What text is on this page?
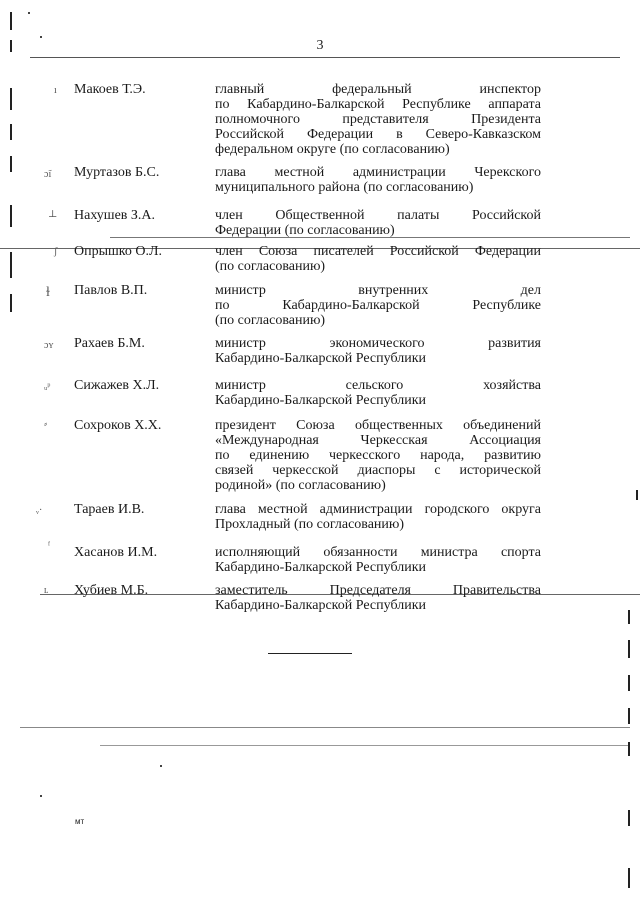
3
ı Макоев Т.Э.	главный федеральный инспектор
по Кабардино-Балкарской Республике аппарата
полномочного представителя Президента
Российской Федерации в Северо-Кавказском
федеральном округе (по согласованию)
ɔ̃ı Муртазов Б.С.	глава местной администрации Черекского
муниципального района (по согласованию)
⊥ Нахушев З.А.	член Общественной палаты Российской
Федерации (по согласованию)
ʃ Опрышко О.Л.	член Союза писателей Российской Федерации
(по согласованию)
ɫ Павлов В.П.	министр внутренних дел
по Кабардино-Балкарской Республике
(по согласованию)
ɔʏ Рахаев Б.М.	министр экономического развития
Кабардино-Балкарской Республики
ᵤᵖ Сижажев Х.Л.	министр сельского хозяйства
Кабардино-Балкарской Республики
⸗ Сохроков Х.Х.	президент Союза общественных объединений
«Международная Черкесская Ассоциация
по единению черкесского народа, развитию
связей черкесской диаспоры с исторической
родиной» (по согласованию)
ᵥ· Тараев И.В.	глава местной администрации городского округа
Прохладный (по согласованию)
ᶠ Хасанов И.М.	исполняющий обязанности министра спорта
Кабардино-Балкарской Республики
ʟ Хубиев М.Б.	заместитель Председателя Правительства
Кабардино-Балкарской Республики
мт
